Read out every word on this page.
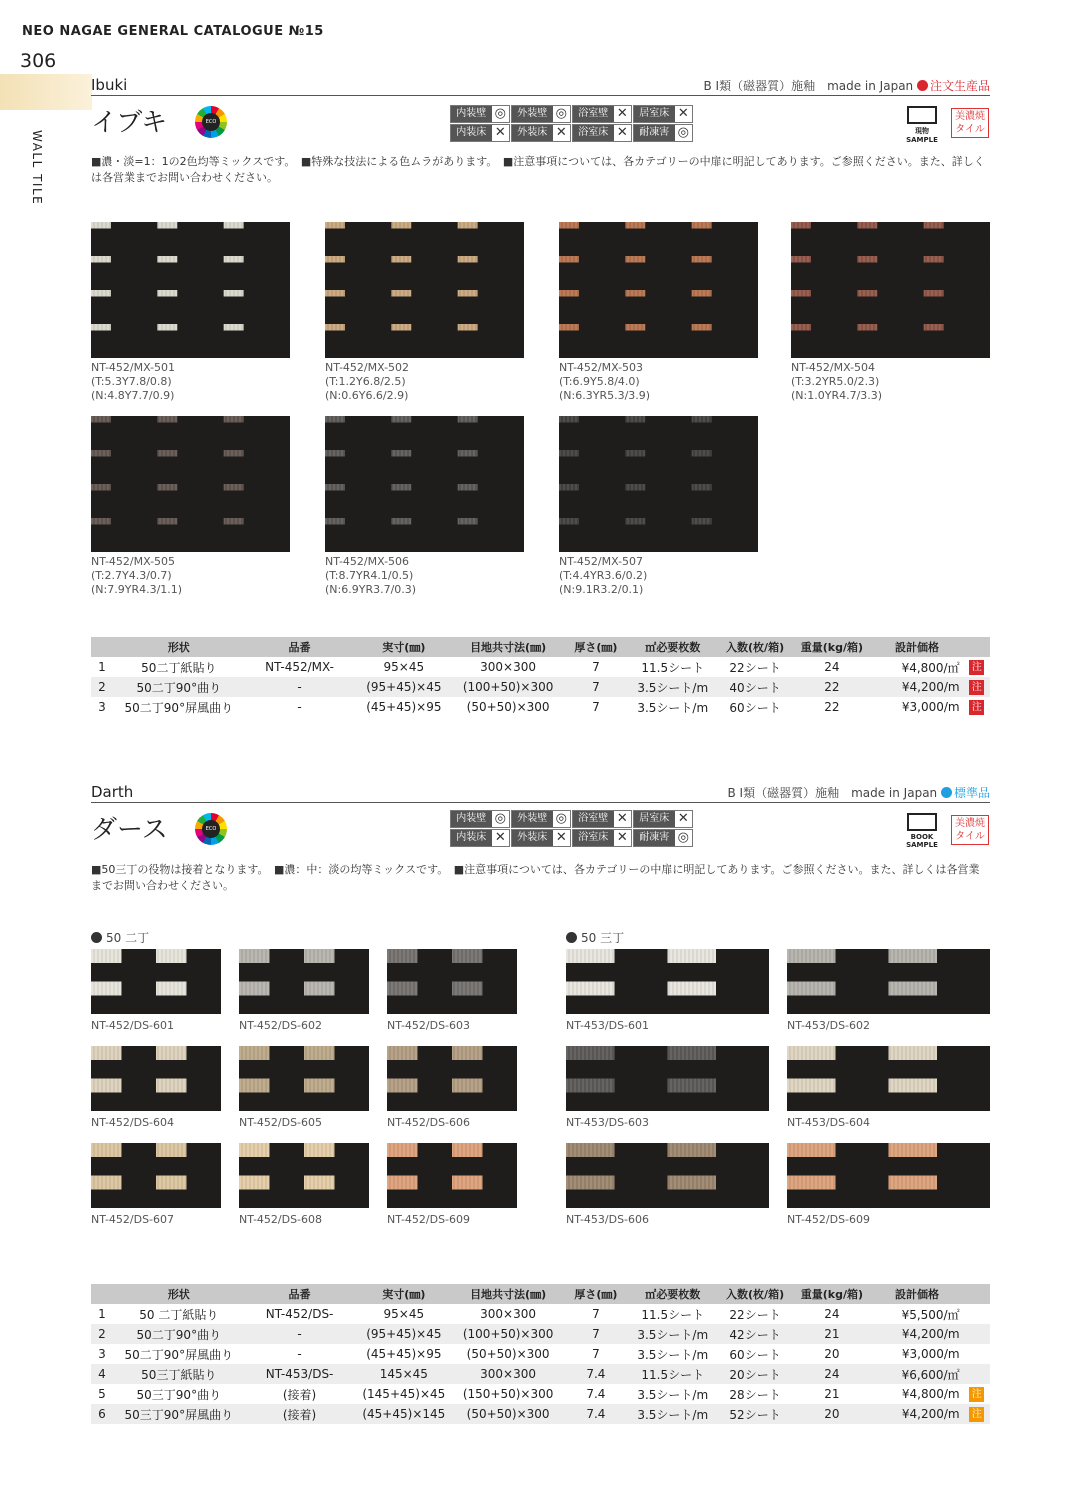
NEO NAGAE GENERAL CATALOGUE №15
306
WALL TILE
Ibuki	B Ⅰ類（磁器質）施釉　made in Japan 注文生産品
イブキ	ECO friendly
内装壁 ◎	外装壁 ◎	浴室壁 ✕	居室床 ✕
内装床 ✕	外装床 ✕	浴室床 ✕	耐凍害 ◎	現物SAMPLE
美濃焼 タイル
■濃・淡=1：1の2色均等ミックスです。　■特殊な技法による色ムラがあります。　■注意事項については、各カテゴリーの中扉に明記してあります。ご参照ください。また、詳しくは各営業までお問い合わせください。
NT-452/MX-501
(T:5.3Y7.8/0.8)
(N:4.8Y7.7/0.9)
NT-452/MX-502
(T:1.2Y6.8/2.5)
(N:0.6Y6.6/2.9)
NT-452/MX-503
(T:6.9Y5.8/4.0)
(N:6.3YR5.3/3.9)
NT-452/MX-504
(T:3.2YR5.0/2.3)
(N:1.0YR4.7/3.3)
NT-452/MX-505
(T:2.7Y4.3/0.7)
(N:7.9YR4.3/1.1)
NT-452/MX-506
(T:8.7YR4.1/0.5)
(N:6.9YR3.7/0.3)
NT-452/MX-507
(T:4.4YR3.6/0.2)
(N:9.1R3.2/0.1)
	形状	品番	実寸(㎜)	目地共寸法(㎜)	厚さ(㎜)	㎡必要枚数	入数(枚/箱)	重量(kg/箱)	設計価格	
1	50二丁紙貼り	NT-452/MX-	95×45	300×300	7	11.5シート	22シート	24	¥4,800/㎡	注
2	50二丁90°曲り	-	(95+45)×45	(100+50)×300	7	3.5シート/m	40シート	22	¥4,200/m	注
3	50二丁90°屏風曲り	-	(45+45)×95	(50+50)×300	7	3.5シート/m	60シート	22	¥3,000/m	注
Darth	B Ⅰ類（磁器質）施釉　made in Japan 標準品
ダース	ECO friendly
内装壁 ◎	外装壁 ◎	浴室壁 ✕	居室床 ✕
内装床 ✕	外装床 ✕	浴室床 ✕	耐凍害 ◎	BOOK SAMPLE
美濃焼 タイル
■50三丁の役物は接着となります。　■濃：中：淡の均等ミックスです。　■注意事項については、各カテゴリーの中扉に明記してあります。ご参照ください。また、詳しくは各営業までお問い合わせください。
50 二丁	50 三丁
NT-452/DS-601	NT-452/DS-602	NT-452/DS-603
NT-452/DS-604	NT-452/DS-605	NT-452/DS-606
NT-452/DS-607	NT-452/DS-608	NT-452/DS-609
NT-453/DS-601	NT-453/DS-602
NT-453/DS-603	NT-453/DS-604
NT-453/DS-606	NT-452/DS-609
	形状	品番	実寸(㎜)	目地共寸法(㎜)	厚さ(㎜)	㎡必要枚数	入数(枚/箱)	重量(kg/箱)	設計価格	
1	50 二丁紙貼り	NT-452/DS-	95×45	300×300	7	11.5シート	22シート	24	¥5,500/㎡	
2	50二丁90°曲り	-	(95+45)×45	(100+50)×300	7	3.5シート/m	42シート	21	¥4,200/m	
3	50二丁90°屏風曲り	-	(45+45)×95	(50+50)×300	7	3.5シート/m	60シート	20	¥3,000/m	
4	50三丁紙貼り	NT-453/DS-	145×45	300×300	7.4	11.5シート	20シート	24	¥6,600/㎡	
5	50三丁90°曲り	(接着)	(145+45)×45	(150+50)×300	7.4	3.5シート/m	28シート	21	¥4,800/m	注
6	50三丁90°屏風曲り	(接着)	(45+45)×145	(50+50)×300	7.4	3.5シート/m	52シート	20	¥4,200/m	注
